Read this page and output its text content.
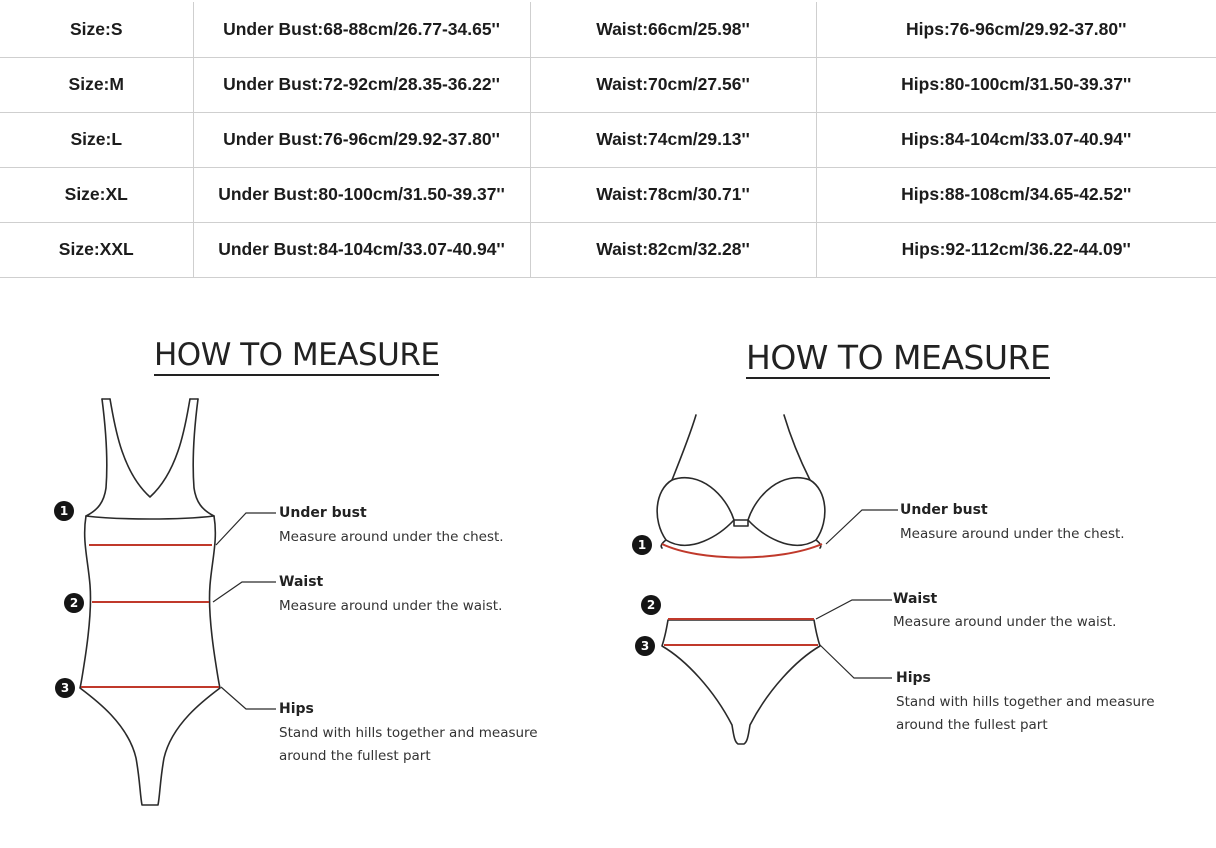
Size:S	Under Bust:68-88cm/26.77-34.65''	Waist:66cm/25.98''	Hips:76-96cm/29.92-37.80''
Size:M	Under Bust:72-92cm/28.35-36.22''	Waist:70cm/27.56''	Hips:80-100cm/31.50-39.37''
Size:L	Under Bust:76-96cm/29.92-37.80''	Waist:74cm/29.13''	Hips:84-104cm/33.07-40.94''
Size:XL	Under Bust:80-100cm/31.50-39.37''	Waist:78cm/30.71''	Hips:88-108cm/34.65-42.52''
Size:XXL	Under Bust:84-104cm/33.07-40.94''	Waist:82cm/32.28''	Hips:92-112cm/36.22-44.09''
HOW TO MEASURE
1
2
3
Under bust
Measure around under the chest.
Waist
Measure around under the waist.
Hips
Stand with hills together and measure
around the fullest part
HOW TO MEASURE
1
2
3
Under bust
Measure around under the chest.
Waist
Measure around under the waist.
Hips
Stand with hills together and measure
around the fullest part
